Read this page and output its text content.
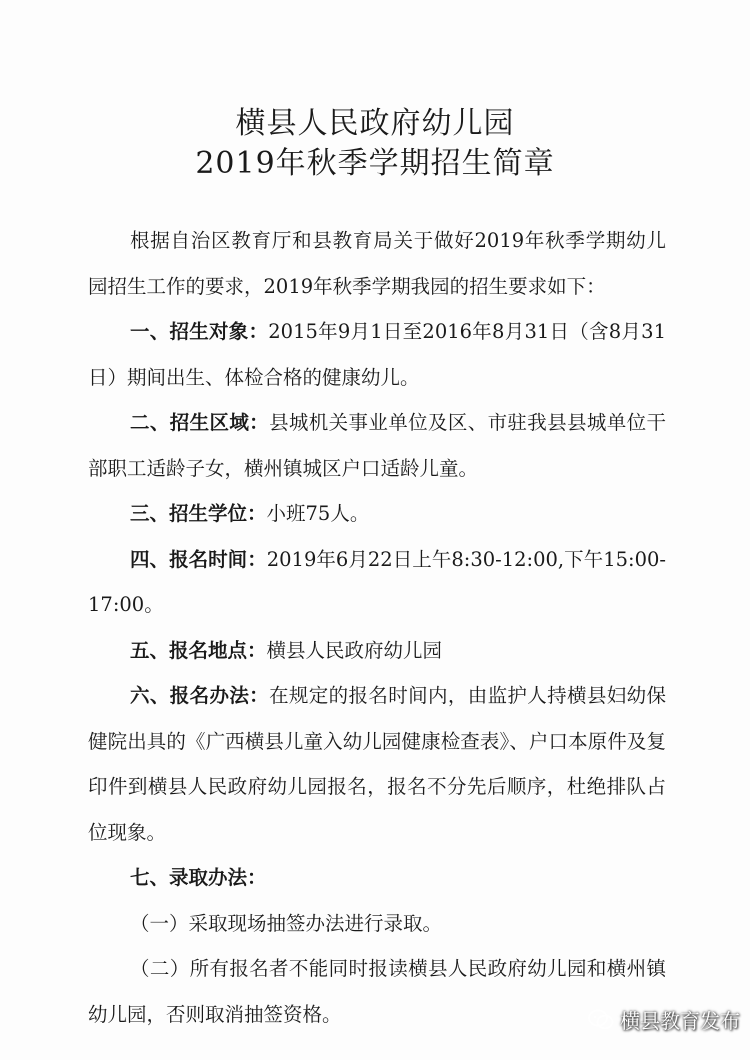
横县人民政府幼儿园
2019年秋季学期招生简章

根据自治区教育厅和县教育局关于做好2019年秋季学期幼儿园招生工作的要求，2019年秋季学期我园的招生要求如下：

一、招生对象：2015年9月1日至2016年8月31日（含8月31日）期间出生、体检合格的健康幼儿。

二、招生区域：县城机关事业单位及区、市驻我县县城单位干部职工适龄子女，横州镇城区户口适龄儿童。

三、招生学位：小班75人。

四、报名时间：2019年6月22日上午8:30-12:00,下午15:00-17:00。

五、报名地点：横县人民政府幼儿园

六、报名办法：在规定的报名时间内，由监护人持横县妇幼保健院出具的《广西横县儿童入幼儿园健康检查表》、户口本原件及复印件到横县人民政府幼儿园报名，报名不分先后顺序，杜绝排队占位现象。

七、录取办法：

（一）采取现场抽签办法进行录取。

（二）所有报名者不能同时报读横县人民政府幼儿园和横州镇幼儿园，否则取消抽签资格。	横县教育发布
